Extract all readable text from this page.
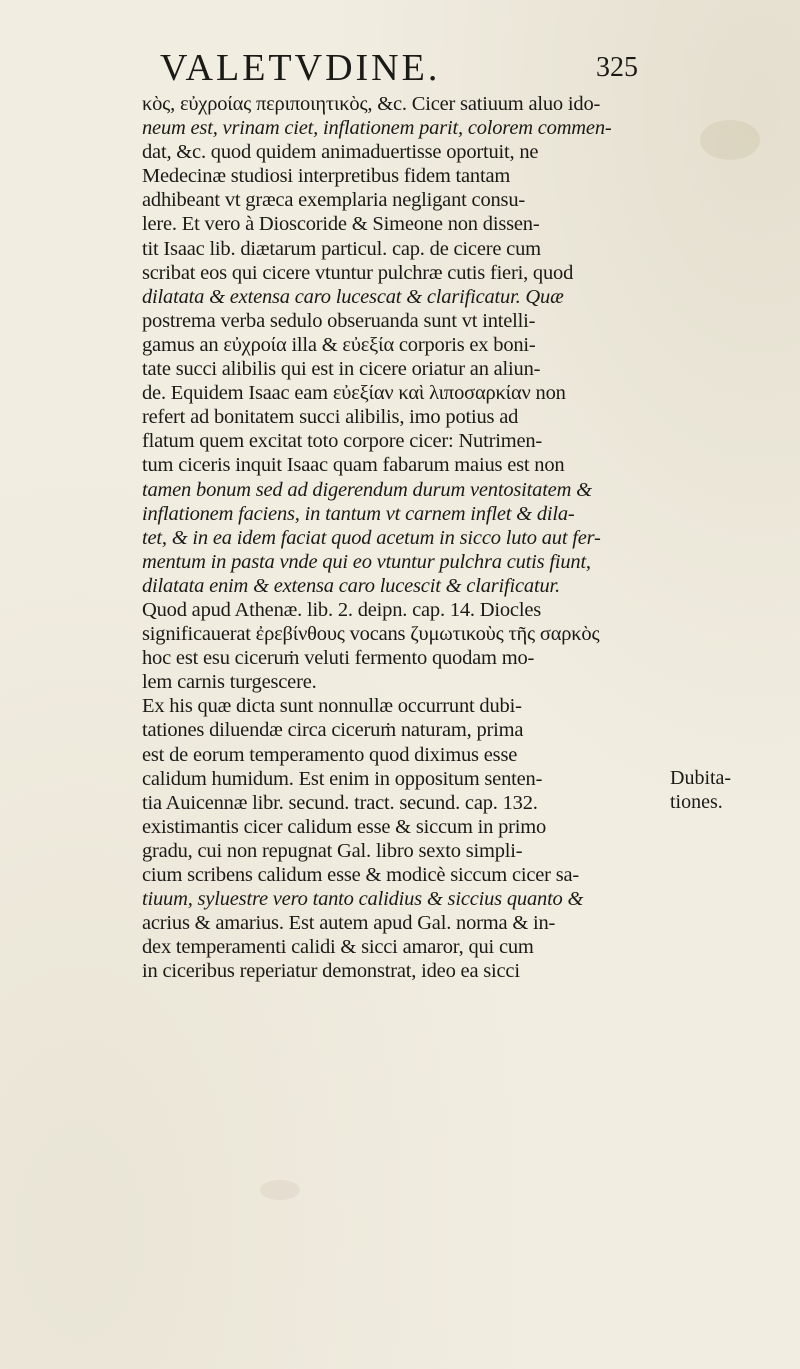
VALETVDINE.	325
κὸς, εὐχροίας περιποιητικὸς, &c. Cicer satiuum aluo ido-
neum est, vrinam ciet, inflationem parit, colorem commen-
dat, &c. quod quidem animaduertisse oportuit, ne
Medecinæ studiosi interpretibus fidem tantam
adhibeant vt græca exemplaria negligant consu-
lere. Et vero à Dioscoride & Simeone non dissen-
tit Isaac lib. diætarum particul. cap. de cicere cum
scribat eos qui cicere vtuntur pulchræ cutis fieri, quod
dilatata & extensa caro lucescat & clarificatur. Quæ
postrema verba sedulo obseruanda sunt vt intelli-
gamus an εὐχροία illa & εὐεξία corporis ex boni-
tate succi alibilis qui est in cicere oriatur an aliun-
de. Equidem Isaac eam εὐεξίαν καὶ λιποσαρκίαν non
refert ad bonitatem succi alibilis, imo potius ad
flatum quem excitat toto corpore cicer: Nutrimen-
tum ciceris inquit Isaac quam fabarum maius est non
tamen bonum sed ad digerendum durum ventositatem &
inflationem faciens, in tantum vt carnem inflet & dila-
tet, & in ea idem faciat quod acetum in sicco luto aut fer-
mentum in pasta vnde qui eo vtuntur pulchra cutis fiunt,
dilatata enim & extensa caro lucescit & clarificatur.
Quod apud Athenæ. lib. 2. deipn. cap. 14. Diocles
significauerat ἐρεβίνθους vocans ζυμωτικοὺς τῆς σαρκὸς
hoc est esu ciceruṁ veluti fermento quodam mo-
lem carnis turgescere.
Ex his quæ dicta sunt nonnullæ occurrunt dubi-
tationes diluendæ circa ciceruṁ naturam, prima
est de eorum temperamento quod diximus esse
calidum humidum. Est enim in oppositum senten-
tia Auicennæ libr. secund. tract. secund. cap. 132.
existimantis cicer calidum esse & siccum in primo
gradu, cui non repugnat Gal. libro sexto simpli-
cium scribens calidum esse & modicè siccum cicer sa-
tiuum, syluestre vero tanto calidius & siccius quanto &
acrius & amarius. Est autem apud Gal. norma & in-
dex temperamenti calidi & sicci amaror, qui cum
in ciceribus reperiatur demonstrat, ideo ea sicci
Dubita-
tiones.
